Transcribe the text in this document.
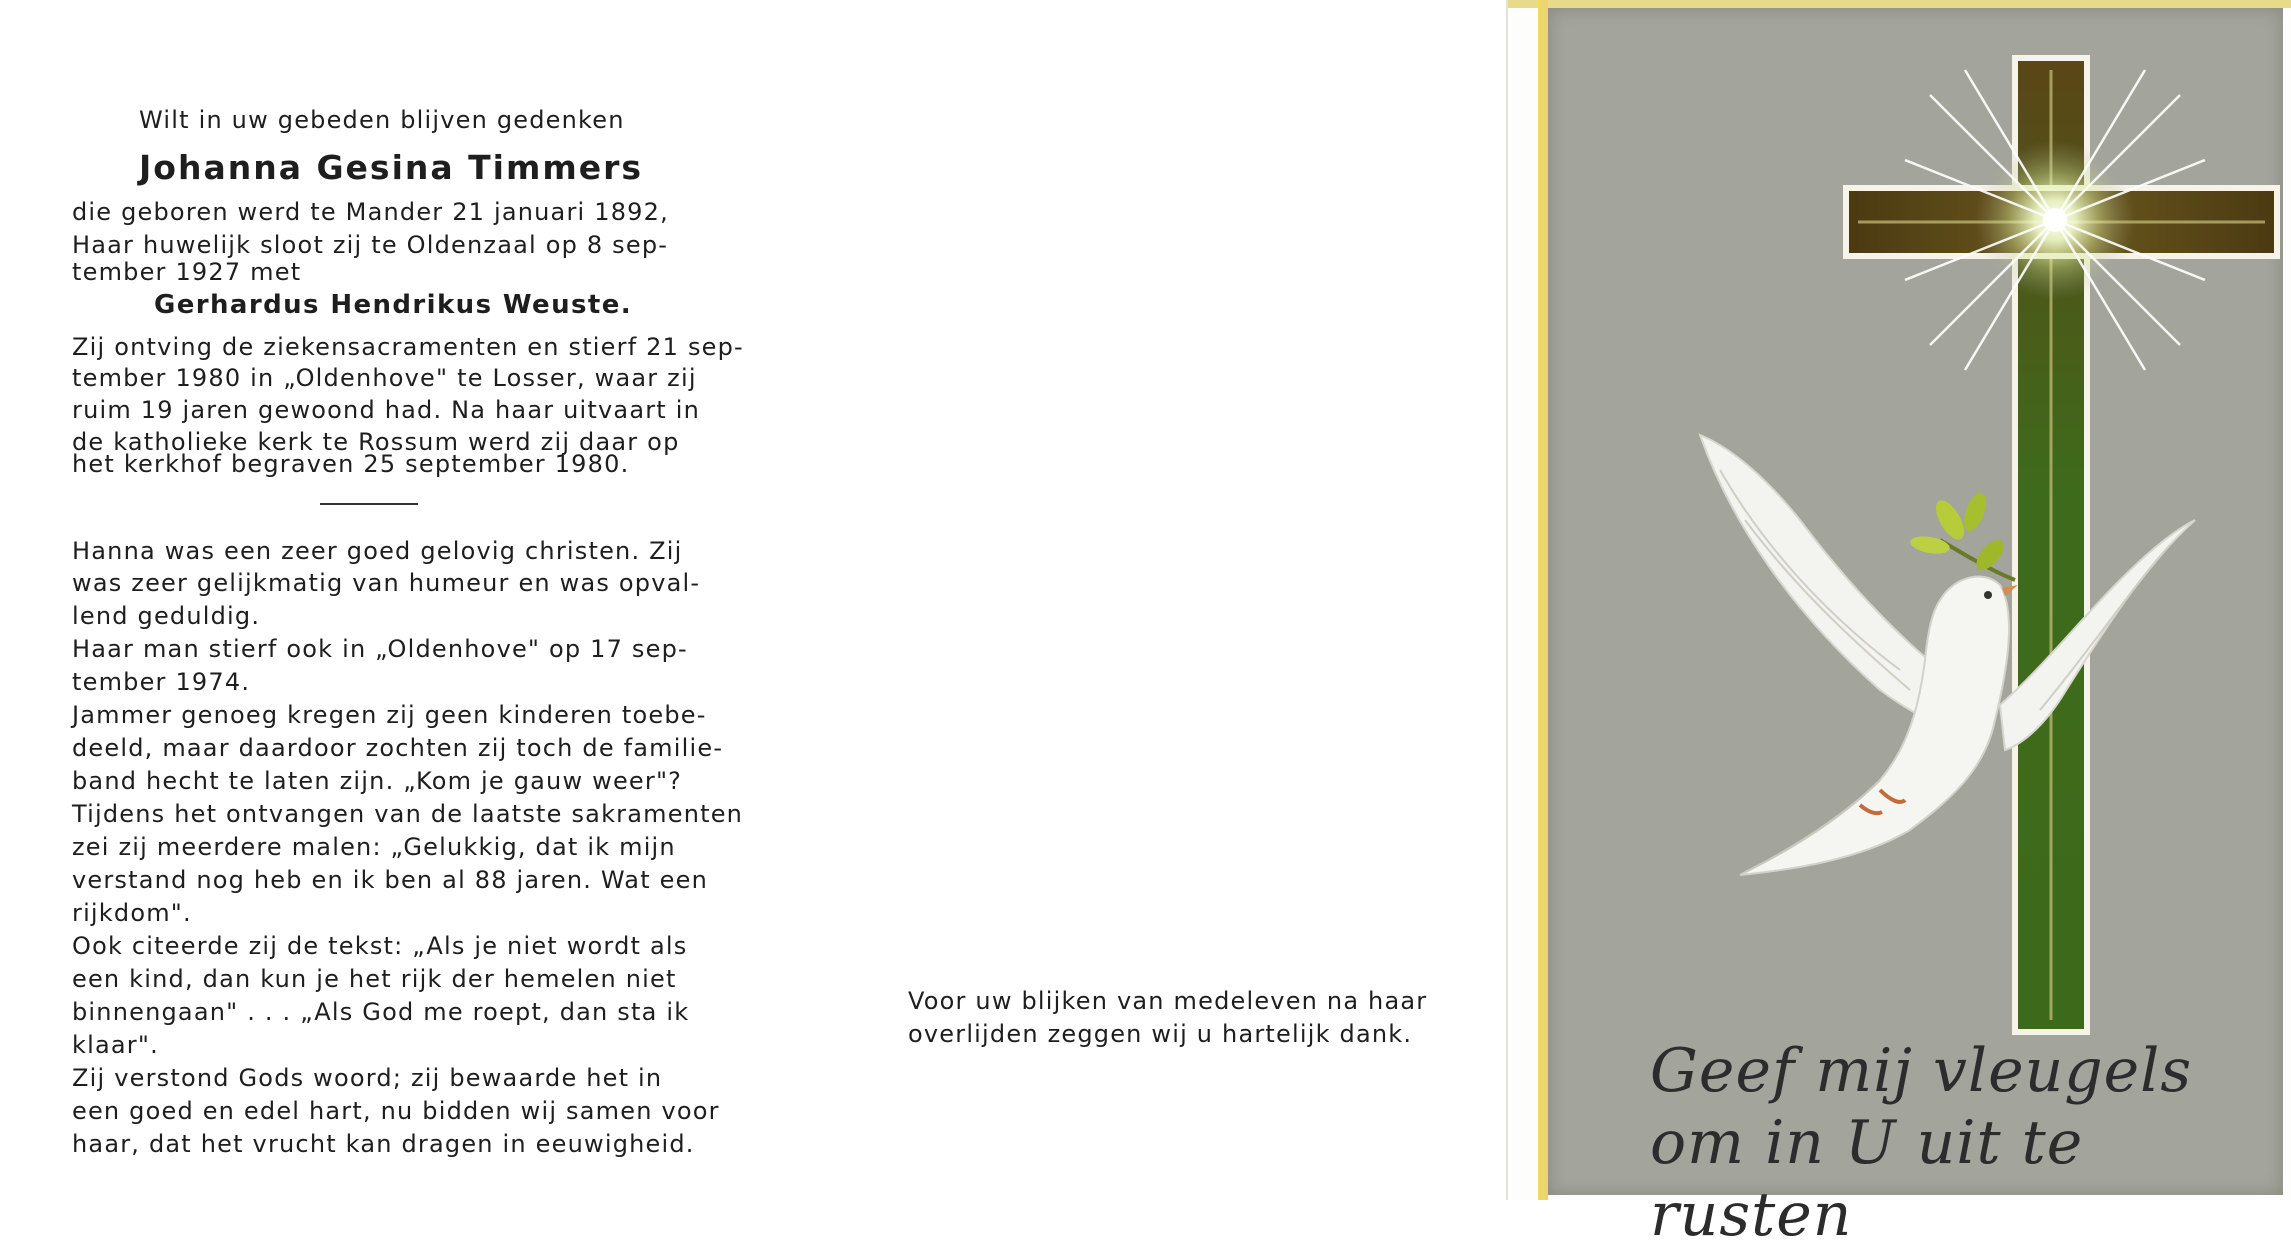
Wilt in uw gebeden blijven gedenken
Johanna Gesina Timmers
die geboren werd te Mander 21 januari 1892,
Haar huwelijk sloot zij te Oldenzaal op 8 sep-
tember 1927 met
Gerhardus Hendrikus Weuste.
Zij ontving de ziekensacramenten en stierf 21 sep-
tember 1980 in „Oldenhove" te Losser, waar zij
ruim 19 jaren gewoond had. Na haar uitvaart in
de katholieke kerk te Rossum werd zij daar op
het kerkhof begraven 25 september 1980.
Hanna was een zeer goed gelovig christen. Zij
was zeer gelijkmatig van humeur en was opval-
lend geduldig.
Haar man stierf ook in „Oldenhove" op 17 sep-
tember 1974.
Jammer genoeg kregen zij geen kinderen toebe-
deeld, maar daardoor zochten zij toch de familie-
band hecht te laten zijn. „Kom je gauw weer"?
Tijdens het ontvangen van de laatste sakramenten
zei zij meerdere malen: „Gelukkig, dat ik mijn
verstand nog heb en ik ben al 88 jaren. Wat een
rijkdom".
Ook citeerde zij de tekst: „Als je niet wordt als
een kind, dan kun je het rijk der hemelen niet
binnengaan" . . . „Als God me roept, dan sta ik
klaar".
Zij verstond Gods woord; zij bewaarde het in
een goed en edel hart, nu bidden wij samen voor
haar, dat het vrucht kan dragen in eeuwigheid.
Voor uw blijken van medeleven na haar
overlijden zeggen wij u hartelijk dank.
Geef mij vleugels
om in U uit te rusten
